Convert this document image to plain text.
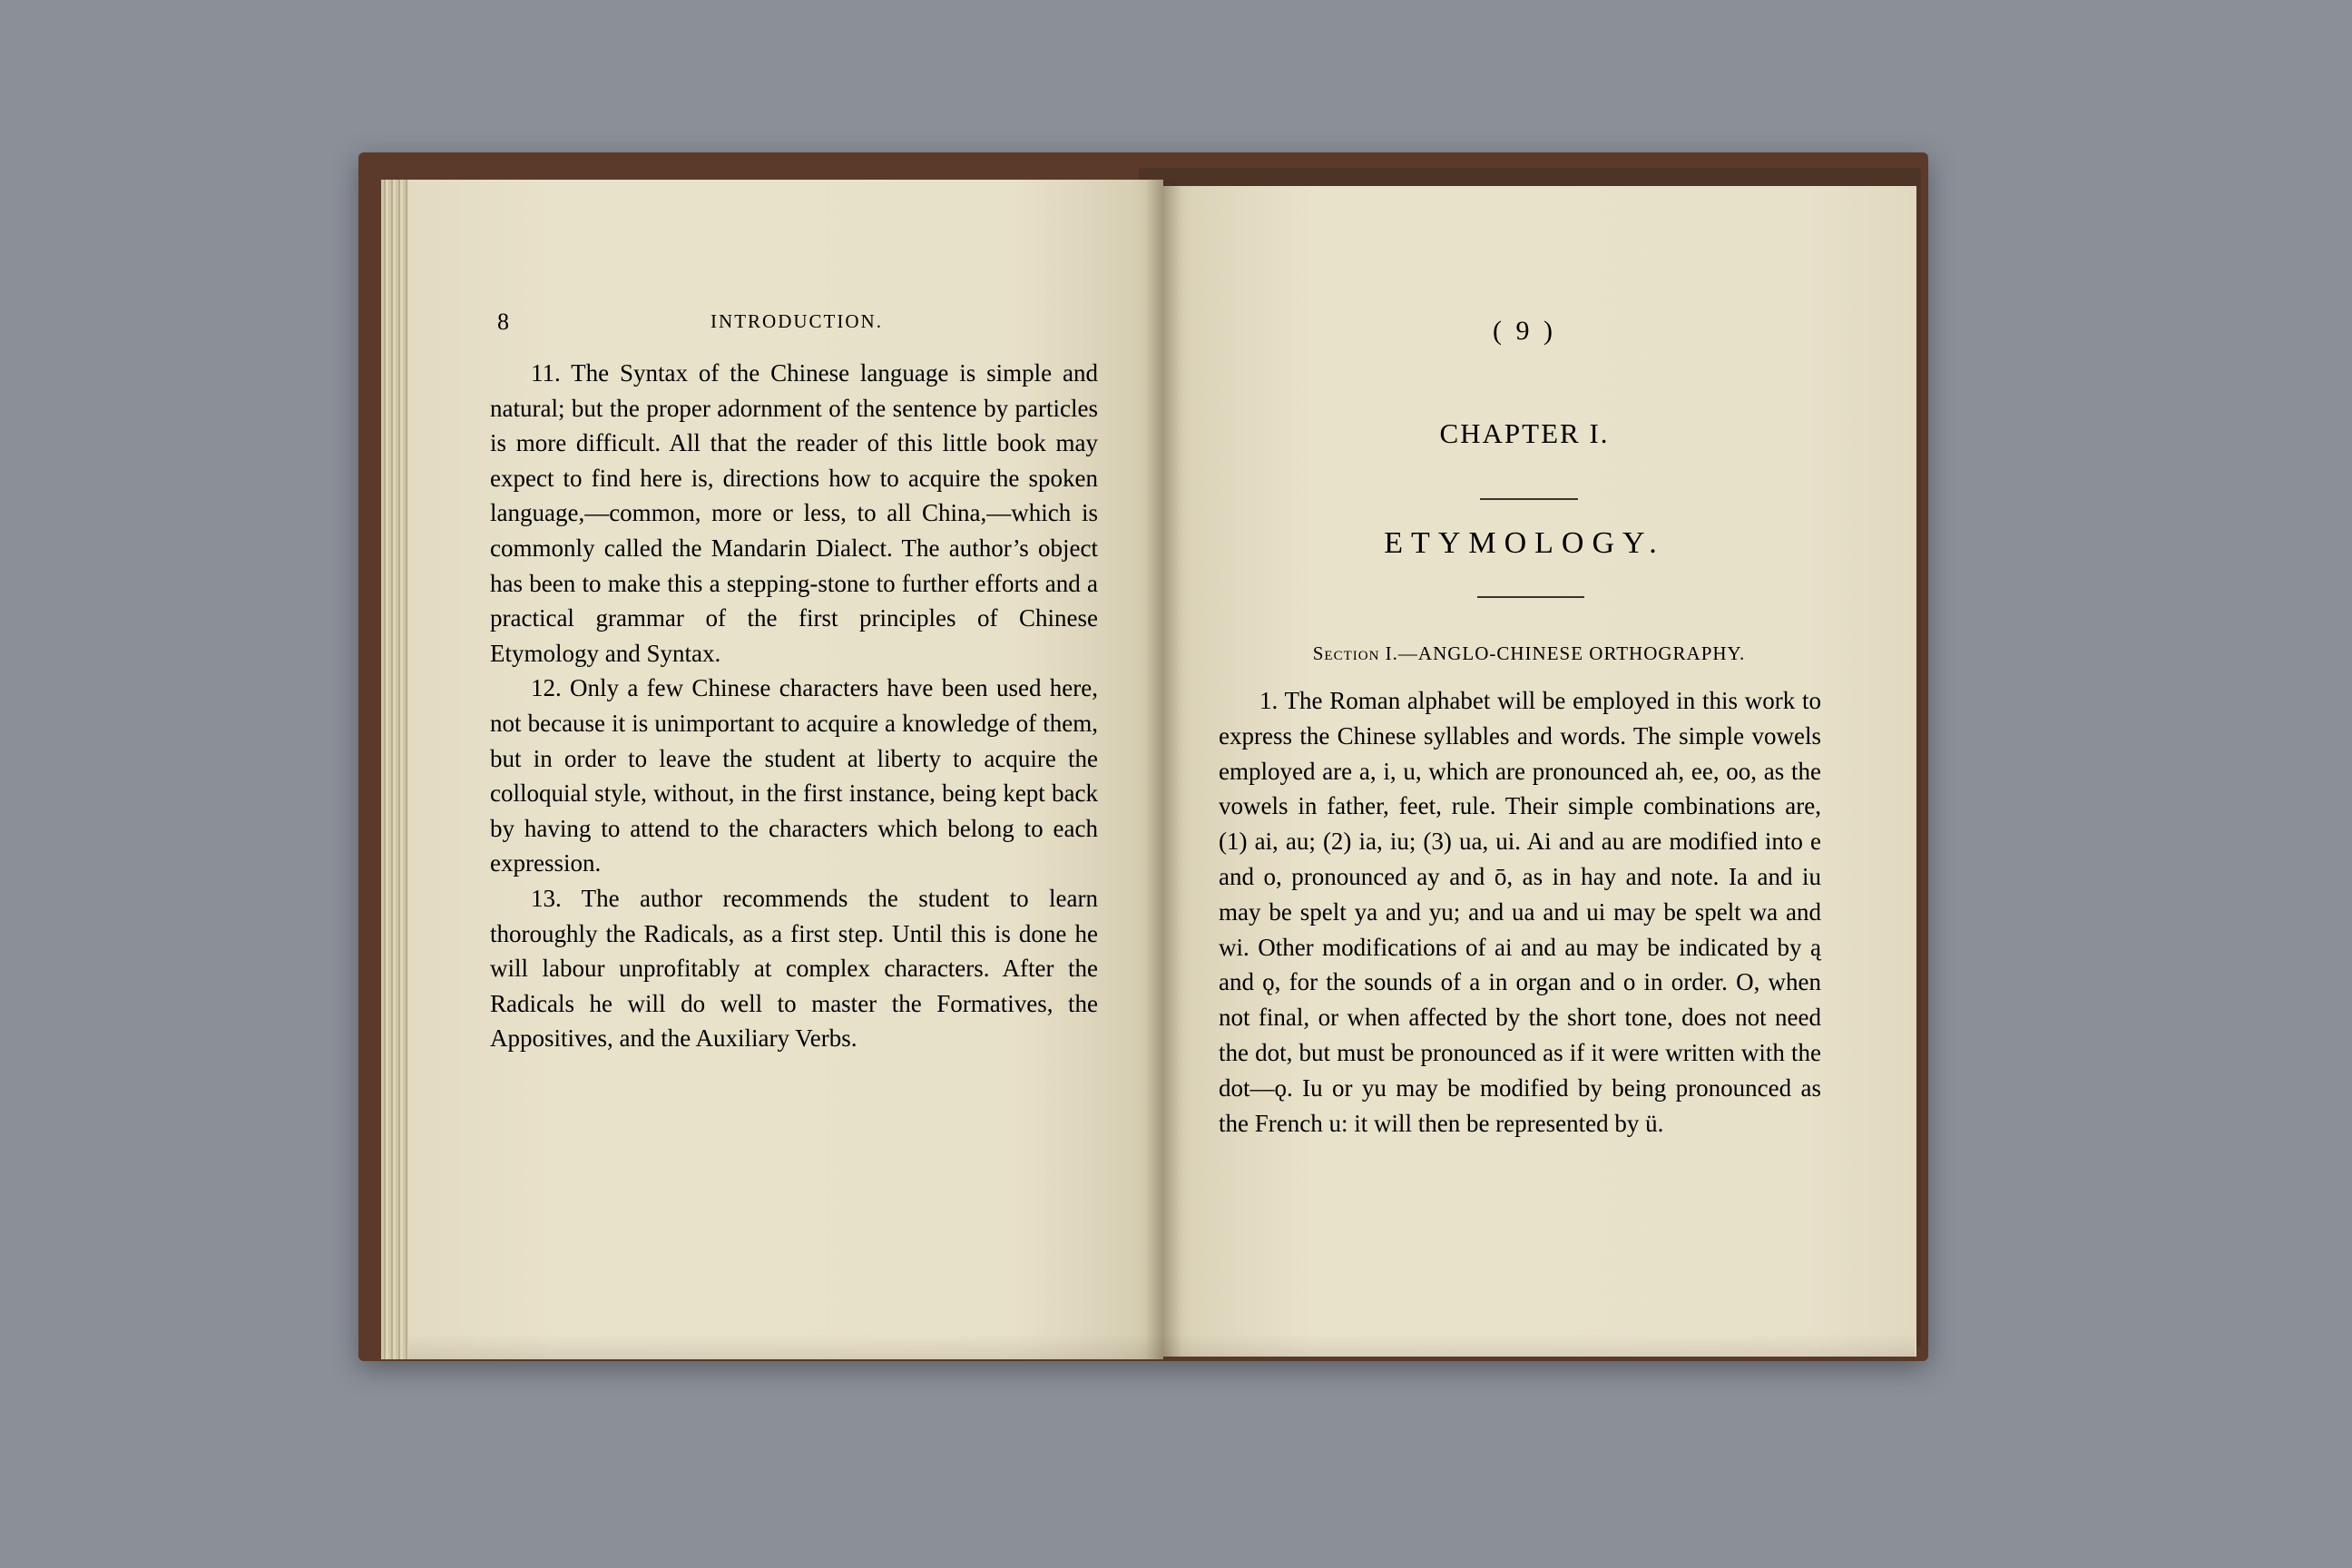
8	INTRODUCTION.

11. The Syntax of the Chinese language is simple and natural; but the proper adornment of the sentence by particles is more difficult. All that the reader of this little book may expect to find here is, directions how to acquire the spoken language,—common, more or less, to all China,—which is commonly called the Mandarin Dialect. The author’s object has been to make this a stepping-stone to further efforts and a practical grammar of the first principles of Chinese Etymology and Syntax.

12. Only a few Chinese characters have been used here, not because it is unimportant to acquire a knowledge of them, but in order to leave the student at liberty to acquire the colloquial style, without, in the first instance, being kept back by having to attend to the characters which belong to each expression.

13. The author recommends the student to learn thoroughly the Radicals, as a first step. Until this is done he will labour unprofitably at complex characters. After the Radicals he will do well to master the Formatives, the Appositives, and the Auxiliary Verbs.

( 9 )
CHAPTER I.
ETYMOLOGY.
Section I.—ANGLO-CHINESE ORTHOGRAPHY.

1. The Roman alphabet will be employed in this work to express the Chinese syllables and words. The simple vowels employed are a, i, u, which are pronounced ah, ee, oo, as the vowels in father, feet, rule. Their simple combinations are, (1) ai, au; (2) ia, iu; (3) ua, ui. Ai and au are modified into e and o, pronounced ay and ō, as in hay and note. Ia and iu may be spelt ya and yu; and ua and ui may be spelt wa and wi. Other modifications of ai and au may be indicated by ą and ǫ, for the sounds of a in organ and o in order. O, when not final, or when affected by the short tone, does not need the dot, but must be pronounced as if it were written with the dot—ǫ. Iu or yu may be modified by being pronounced as the French u: it will then be represented by ü.
